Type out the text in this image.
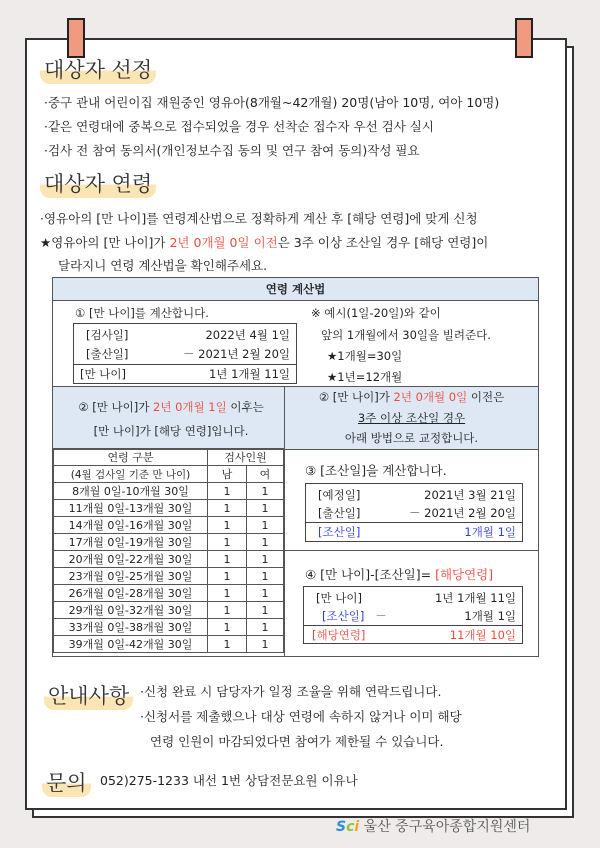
대상자 선정
·중구 관내 어린이집 재원중인 영유아(8개월~42개월) 20명(남아 10명, 여아 10명)
·같은 연령대에 중복으로 접수되었을 경우 선착순 접수자 우선 검사 실시
·검사 전 참여 동의서(개인정보수집 동의 및 연구 참여 동의)작성 필요
대상자 연령
·영유아의 [만 나이]를 연령계산법으로 정확하게 계산 후 [해당 연령]에 맞게 신청
★영유아의 [만 나이]가 2년 0개월 0일 이전은 3주 이상 조산일 경우 [해당 연령]이
달라지니 연령 계산법을 확인해주세요.
연령 계산법
① [만 나이]를 계산합니다.
[검사일]	2022년 4월 1일
[출산일]	－ 2021년 2월 20일
[만 나이]	1년 1개월 11일
※ 예시(1일-20일)와 같이
앞의 1개월에서 30일을 빌려준다.
★1개월=30일
★1년=12개월
② [만 나이]가 2년 0개월 1일 이후는
[만 나이]가 [해당 연령]입니다.
② [만 나이]가 2년 0개월 0일 이전은
3주 이상 조산일 경우
아래 방법으로 교정합니다.
연령 구분	검사인원	
(4월 검사일 기준 만 나이)	남	여
8개월 0일-10개월 30일	1	1
11개월 0일-13개월 30일	1	1
14개월 0일-16개월 30일	1	1
17개월 0일-19개월 30일	1	1
20개월 0일-22개월 30일	1	1
23개월 0일-25개월 30일	1	1
26개월 0일-28개월 30일	1	1
29개월 0일-32개월 30일	1	1
33개월 0일-38개월 30일	1	1
39개월 0일-42개월 30일	1	1
③ [조산일]을 계산합니다.
[예정일]	2021년 3월 21일
[출산일]	－ 2021년 2월 20일
[조산일]	1개월 1일
④ [만 나이]-[조산일]= [해당연령]
[만 나이]	1년 1개월 11일
[조산일]   －	1개월 1일
[해당연령]	11개월 10일
안내사항 ·신청 완료 시 담당자가 일정 조율을 위해 연락드립니다.
·신청서를 제출했으나 대상 연령에 속하지 않거나 이미 해당
연령 인원이 마감되었다면 참여가 제한될 수 있습니다.
문의	052)275-1233 내선 1번 상담전문요원 이유나
Sci 울산 중구육아종합지원센터
